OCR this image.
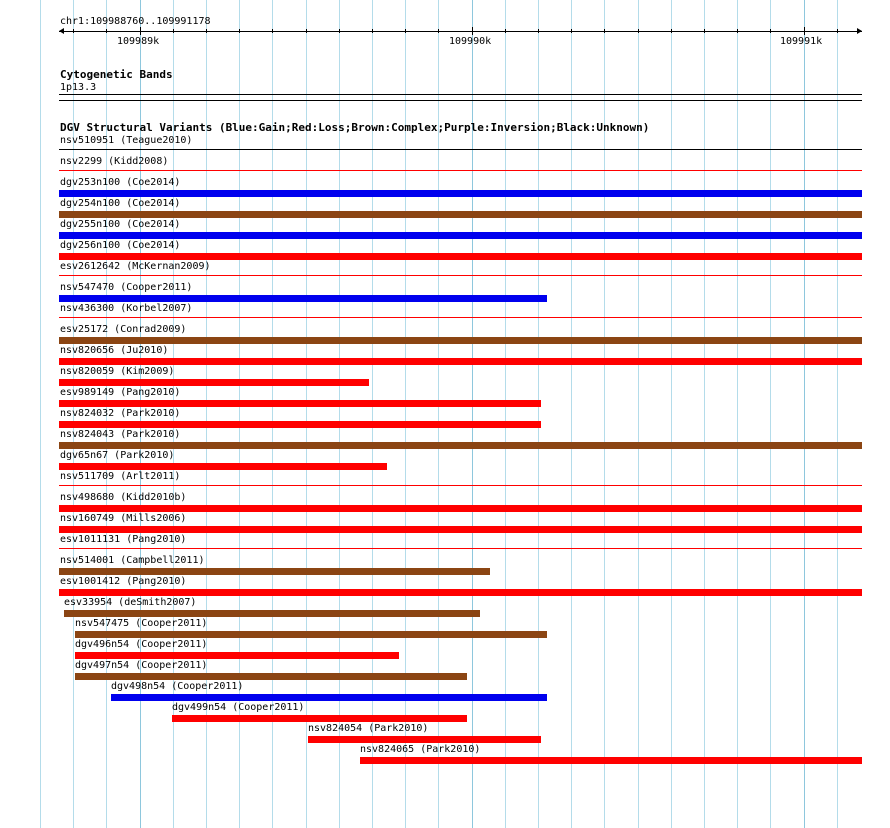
chr1:109988760..109991178
109989k	109990k	109991k
Cytogenetic Bands
1p13.3
DGV Structural Variants (Blue:Gain;Red:Loss;Brown:Complex;Purple:Inversion;Black:Unknown)
nsv510951 (Teague2010)
nsv2299 (Kidd2008)
dgv253n100 (Coe2014)
dgv254n100 (Coe2014)
dgv255n100 (Coe2014)
dgv256n100 (Coe2014)
esv2612642 (McKernan2009)
nsv547470 (Cooper2011)
nsv436300 (Korbel2007)
esv25172 (Conrad2009)
nsv820656 (Ju2010)
nsv820059 (Kim2009)
esv989149 (Pang2010)
nsv824032 (Park2010)
nsv824043 (Park2010)
dgv65n67 (Park2010)
nsv511709 (Arlt2011)
nsv498680 (Kidd2010b)
nsv160749 (Mills2006)
esv1011131 (Pang2010)
nsv514001 (Campbell2011)
esv1001412 (Pang2010)
esv33954 (deSmith2007)
nsv547475 (Cooper2011)
dgv496n54 (Cooper2011)
dgv497n54 (Cooper2011)
dgv498n54 (Cooper2011)
dgv499n54 (Cooper2011)
nsv824054 (Park2010)
nsv824065 (Park2010)
